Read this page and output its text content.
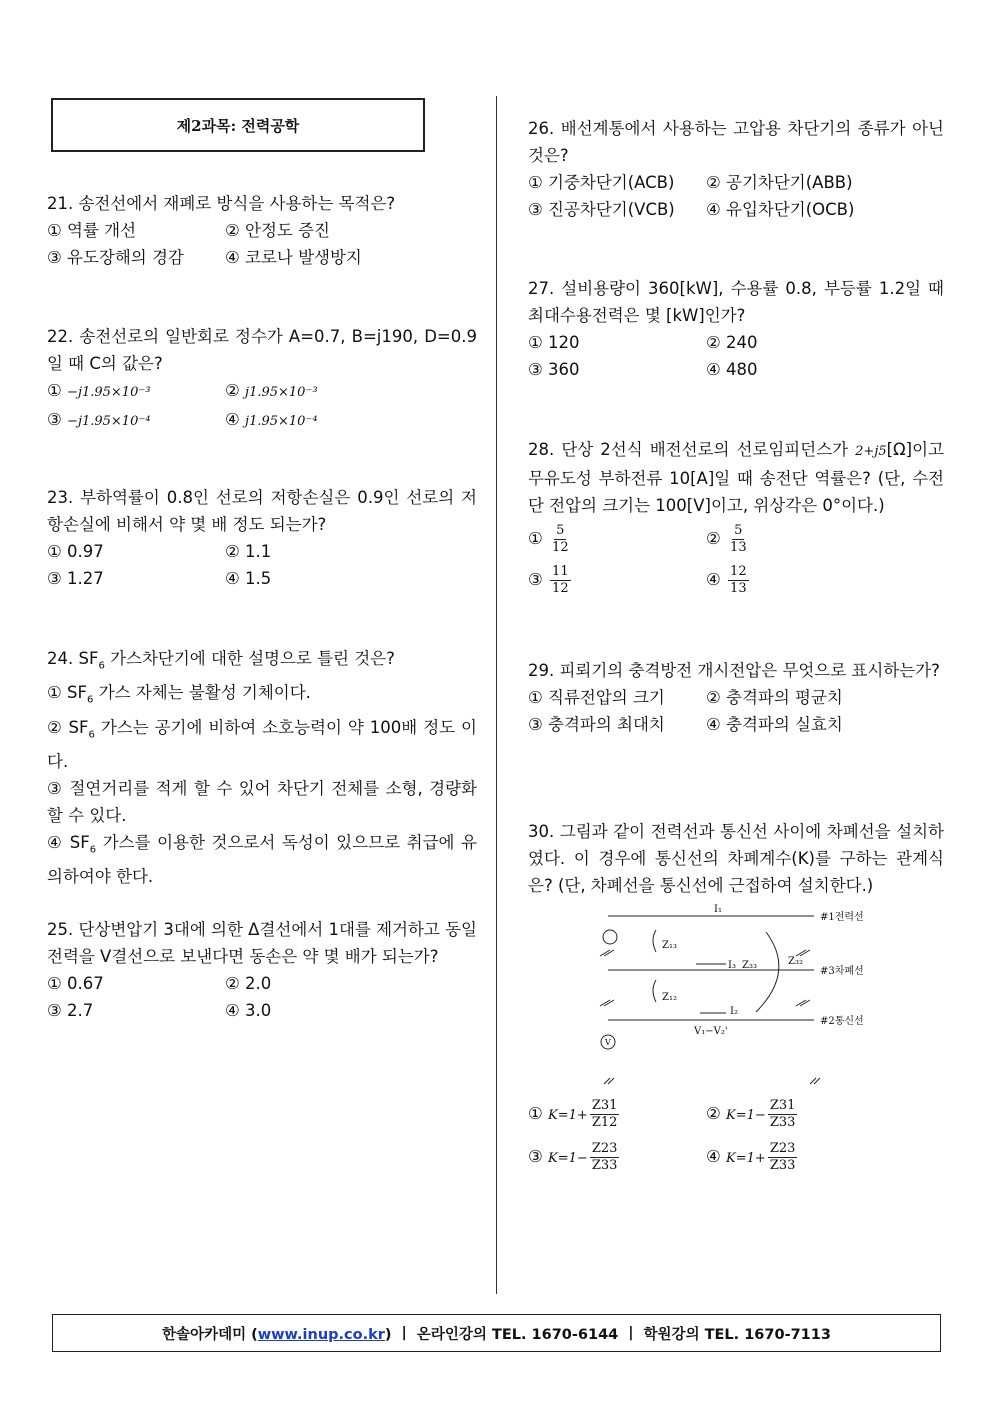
제2과목: 전력공학
21. 송전선에서 재폐로 방식을 사용하는 목적은?
① 역률 개선	② 안정도 증진
③ 유도장해의 경감	④ 코로나 발생방지
22. 송전선로의 일반회로 정수가 A=0.7, B=j190, D=0.9 일 때 C의 값은?
① −j1.95×10⁻³	② j1.95×10⁻³
③ −j1.95×10⁻⁴	④ j1.95×10⁻⁴
23. 부하역률이 0.8인 선로의 저항손실은 0.9인 선로의 저항손실에 비해서 약 몇 배 정도 되는가?
① 0.97	② 1.1
③ 1.27	④ 1.5
24. $SF_6$ 가스차단기에 대한 설명으로 틀린 것은?
① $SF_6$ 가스 자체는 불활성 기체이다.
② $SF_6$ 가스는 공기에 비하여 소호능력이 약 100배 정도 이다.
③ 절연거리를 적게 할 수 있어 차단기 전체를 소형, 경량화 할 수 있다.
④ $SF_6$ 가스를 이용한 것으로서 독성이 있으므로 취급에 유의하여야 한다.
25. 단상변압기 3대에 의한 Δ결선에서 1대를 제거하고 동일전력을 V결선으로 보낸다면 동손은 약 몇 배가 되는가?
① 0.67	② 2.0
③ 2.7	④ 3.0
26. 배선계통에서 사용하는 고압용 차단기의 종류가 아닌 것은?
① 기중차단기(ACB)	② 공기차단기(ABB)
③ 진공차단기(VCB)	④ 유입차단기(OCB)
27. 설비용량이 360[kW], 수용률 0.8, 부등률 1.2일 때 최대수용전력은 몇 [kW]인가?
① 120	② 240
③ 360	④ 480
28. 단상 2선식 배전선로의 선로임피던스가 2+j5[Ω]이고 무유도성 부하전류 10[A]일 때 송전단 역률은? (단, 수전단 전압의 크기는 100[V]이고, 위상각은 0°이다.)
① $\frac{5}{12}$	② $\frac{5}{13}$
③ $\frac{11}{12}$	④ $\frac{12}{13}$
29. 피뢰기의 충격방전 개시전압은 무엇으로 표시하는가?
① 직류전압의 크기	② 충격파의 평균치
③ 충격파의 최대치	④ 충격파의 실효치
30. 그림과 같이 전력선과 통신선 사이에 차폐선을 설치하였다. 이 경우에 통신선의 차폐계수(K)를 구하는 관계식은? (단, 차폐선을 통신선에 근접하여 설치한다.)
#1전력선
#3차폐선
#2통신선
I₁
V
Z₁₃
Z₁₂
I₃ Z₃₃	Z₃₂
I₂
V₁−V₂'
① $K=1+ \frac{Z31}{Z12}$	② $K=1- \frac{Z31}{Z33}$
③ $K=1- \frac{Z23}{Z33}$	④ $K=1+ \frac{Z23}{Z33}$
한솔아카데미 (www.inup.co.kr) | 온라인강의 TEL. 1670-6144 | 학원강의 TEL. 1670-7113
